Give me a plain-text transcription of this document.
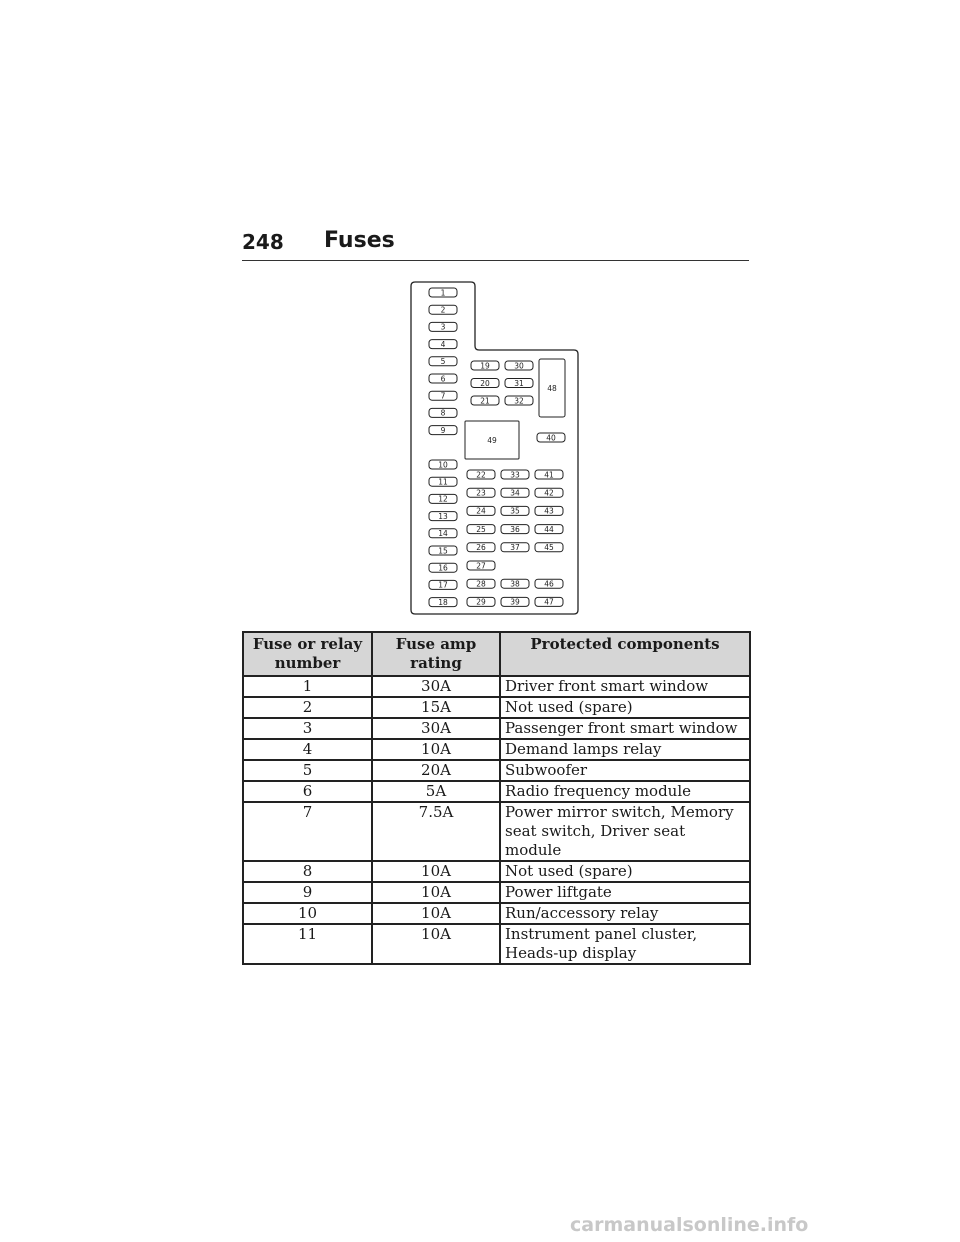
248 Fuses
1
2
3
4
5
6
7
8
9
10
11
12
13
14
15
16
17
18
19
20
21
30
31
32
48
49	40
22	33	41
23	34	42
24	35	43
25	36	44
26	37	45
27
28	38	46
29	39	47
Fuse or relay number	Fuse amp rating	Protected components
1	30A	Driver front smart window
2	15A	Not used (spare)
3	30A	Passenger front smart window
4	10A	Demand lamps relay
5	20A	Subwoofer
6	5A	Radio frequency module
7	7.5A	Power mirror switch, Memory seat switch, Driver seat module
8	10A	Not used (spare)
9	10A	Power liftgate
10	10A	Run/accessory relay
11	10A	Instrument panel cluster, Heads-up display
carmanualsonline.info
